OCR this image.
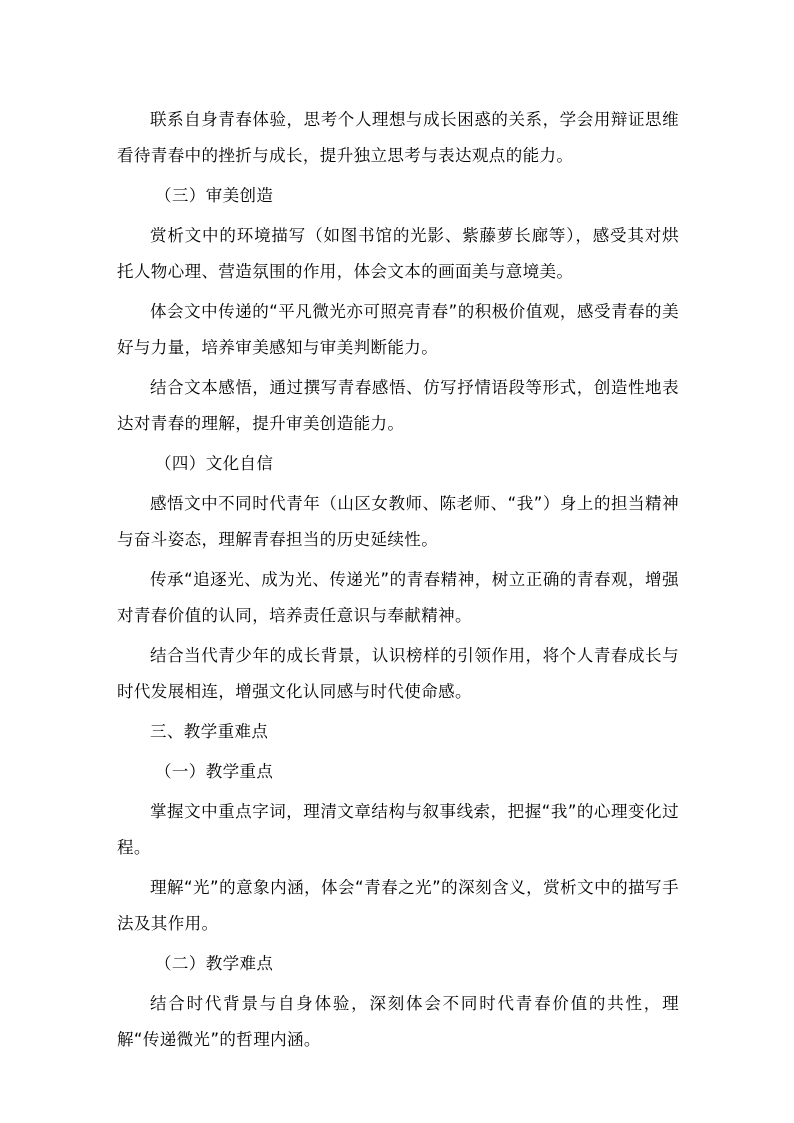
联系自身青春体验，思考个人理想与成长困惑的关系，学会用辩证思维看待青春中的挫折与成长，提升独立思考与表达观点的能力。

（三）审美创造

赏析文中的环境描写（如图书馆的光影、紫藤萝长廊等），感受其对烘托人物心理、营造氛围的作用，体会文本的画面美与意境美。

体会文中传递的“平凡微光亦可照亮青春”的积极价值观，感受青春的美好与力量，培养审美感知与审美判断能力。

结合文本感悟，通过撰写青春感悟、仿写抒情语段等形式，创造性地表达对青春的理解，提升审美创造能力。

（四）文化自信

感悟文中不同时代青年（山区女教师、陈老师、“我”）身上的担当精神与奋斗姿态，理解青春担当的历史延续性。

传承“追逐光、成为光、传递光”的青春精神，树立正确的青春观，增强对青春价值的认同，培养责任意识与奉献精神。

结合当代青少年的成长背景，认识榜样的引领作用，将个人青春成长与时代发展相连，增强文化认同感与时代使命感。

三、教学重难点

（一）教学重点

掌握文中重点字词，理清文章结构与叙事线索，把握“我”的心理变化过程。

理解“光”的意象内涵，体会“青春之光”的深刻含义，赏析文中的描写手法及其作用。

（二）教学难点

结合时代背景与自身体验，深刻体会不同时代青春价值的共性，理解“传递微光”的哲理内涵。
